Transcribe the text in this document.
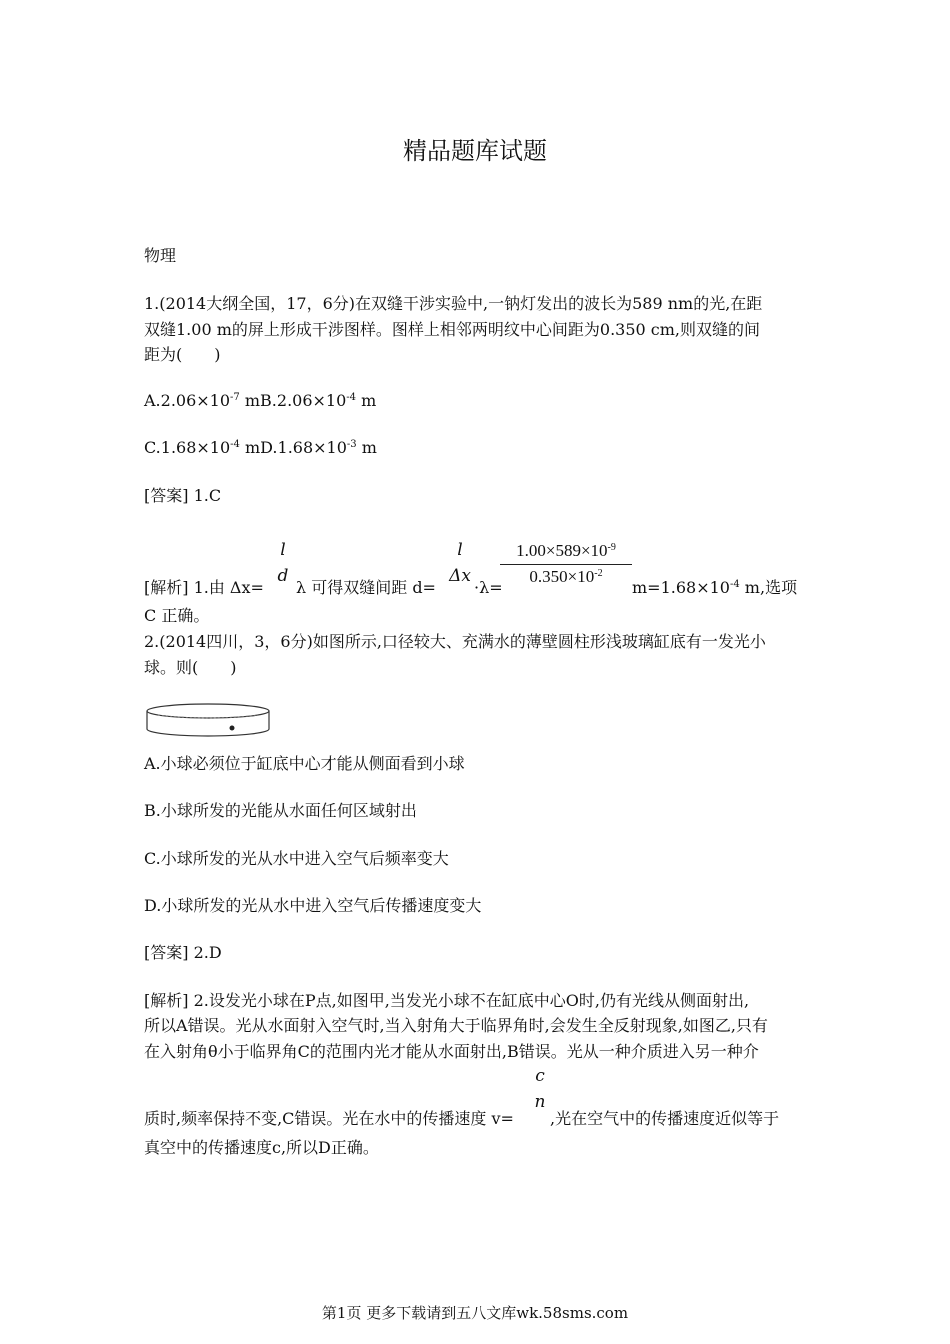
精品题库试题
物理
1.(2014大纲全国，17，6分)在双缝干涉实验中,一钠灯发出的波长为589 nm的光,在距
双缝1.00 m的屏上形成干涉图样。图样上相邻两明纹中心间距为0.350 cm,则双缝的间
距为(　　)
$A.2.06\times 10^{-7}$ $mB.2.06\times 10^{-4}$ m
$C.1.68\times 10^{-4}$ $mD.1.68\times 10^{-3}$ m
[答案] 1.C
[解析] 1.由 Δx=
l
d
λ 可得双缝间距 d=
l
Δx
·λ=
$1.00\times 589\times 10^{-9}$
$0.350\times 10^{-2}$
$m=1.68\times 10^{-4}$ m,选项
C 正确。
2.(2014四川，3，6分)如图所示,口径较大、充满水的薄壁圆柱形浅玻璃缸底有一发光小
球。则(　　)
A.小球必须位于缸底中心才能从侧面看到小球
B.小球所发的光能从水面任何区域射出
C.小球所发的光从水中进入空气后频率变大
D.小球所发的光从水中进入空气后传播速度变大
[答案] 2.D
[解析] 2.设发光小球在P点,如图甲,当发光小球不在缸底中心O时,仍有光线从侧面射出,
所以A错误。光从水面射入空气时,当入射角大于临界角时,会发生全反射现象,如图乙,只有
在入射角θ小于临界角C的范围内光才能从水面射出,B错误。光从一种介质进入另一种介
质时,频率保持不变,C错误。光在水中的传播速度 v=
c
n
,光在空气中的传播速度近似等于
真空中的传播速度c,所以D正确。
第1页 更多下载请到五八文库wk.58sms.com
